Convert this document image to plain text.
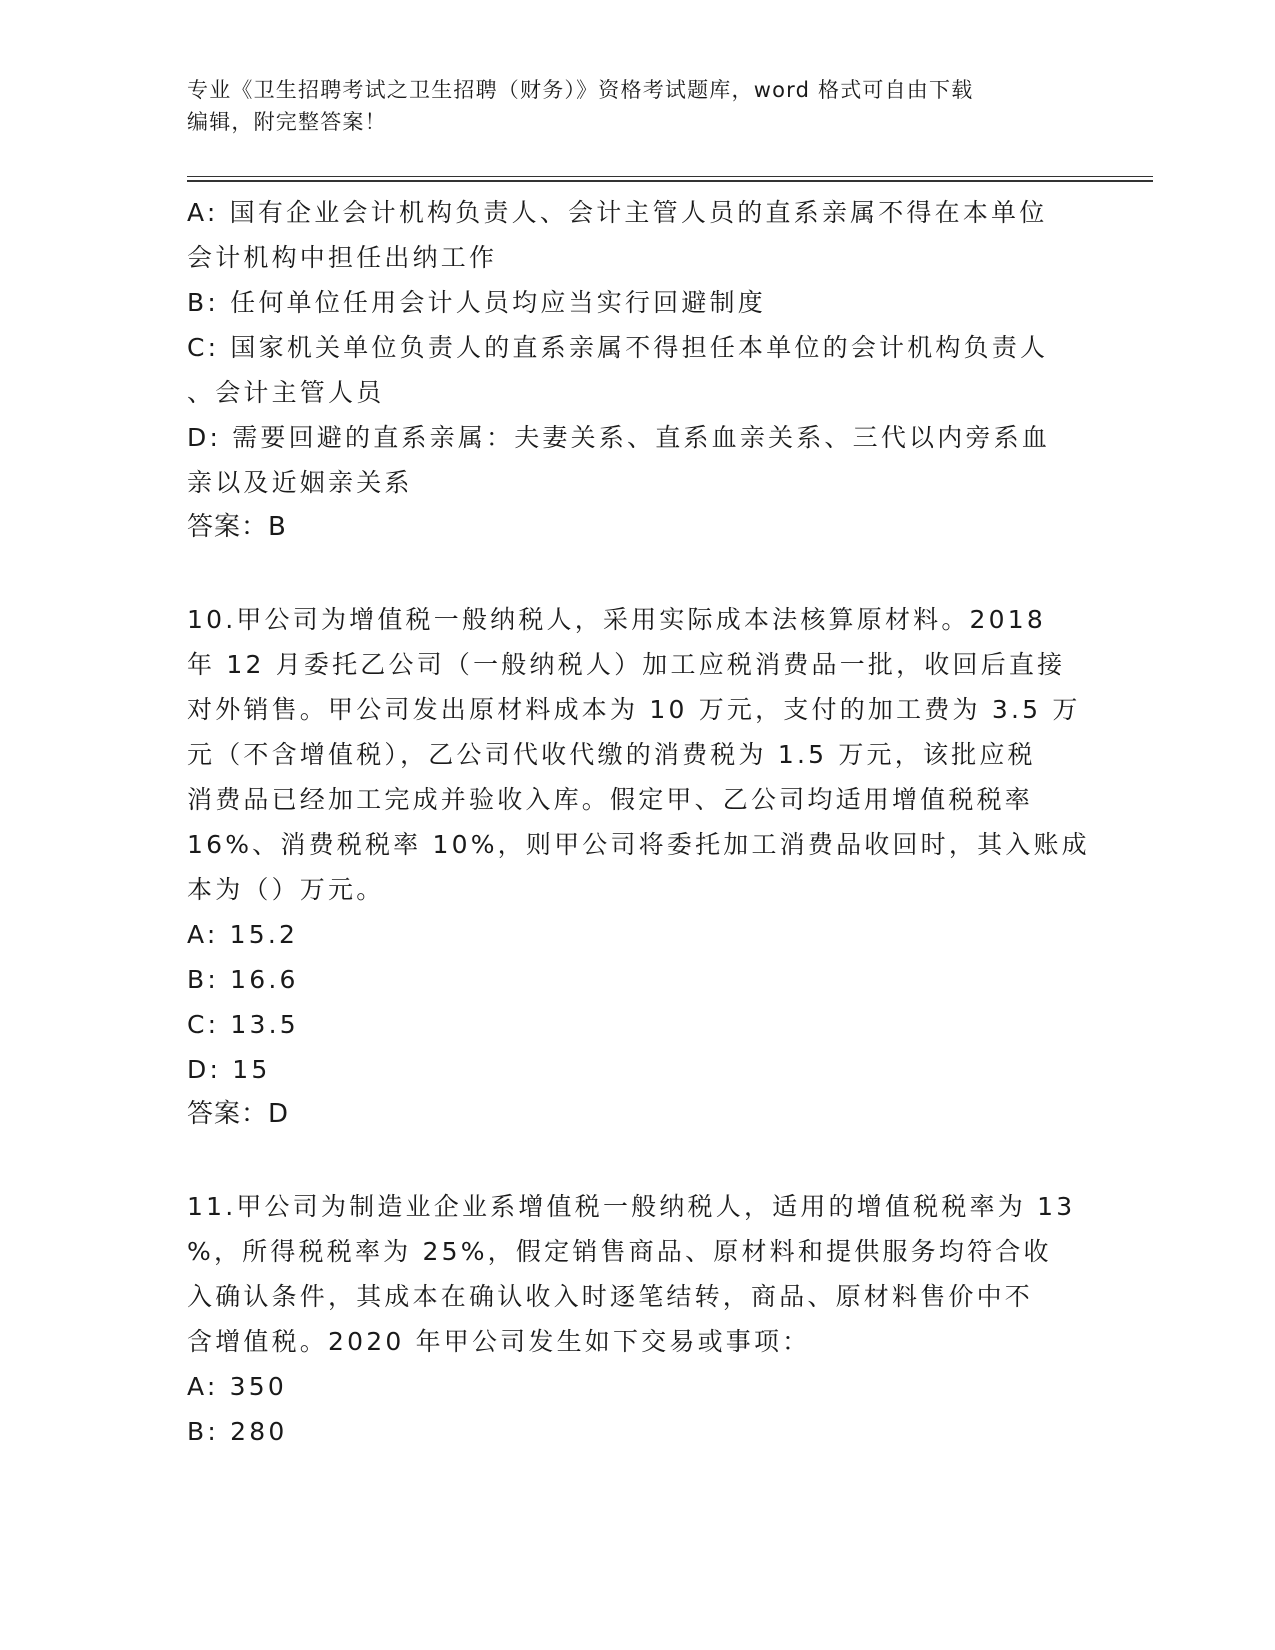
专业《卫生招聘考试之卫生招聘（财务）》资格考试题库，word 格式可自由下载
编辑，附完整答案！
A: 国有企业会计机构负责人、会计主管人员的直系亲属不得在本单位
会计机构中担任出纳工作
B: 任何单位任用会计人员均应当实行回避制度
C: 国家机关单位负责人的直系亲属不得担任本单位的会计机构负责人
、会计主管人员
D: 需要回避的直系亲属：夫妻关系、直系血亲关系、三代以内旁系血
亲以及近姻亲关系
答案：B
10.甲公司为增值税一般纳税人，采用实际成本法核算原材料。2018
年 12 月委托乙公司（一般纳税人）加工应税消费品一批，收回后直接
对外销售。甲公司发出原材料成本为 10 万元，支付的加工费为 3.5 万
元（不含增值税），乙公司代收代缴的消费税为 1.5 万元，该批应税
消费品已经加工完成并验收入库。假定甲、乙公司均适用增值税税率
16%、消费税税率 10%，则甲公司将委托加工消费品收回时，其入账成
本为（）万元。
A: 15.2
B: 16.6
C: 13.5
D: 15
答案：D
11.甲公司为制造业企业系增值税一般纳税人，适用的增值税税率为 13
%，所得税税率为 25%，假定销售商品、原材料和提供服务均符合收
入确认条件，其成本在确认收入时逐笔结转，商品、原材料售价中不
含增值税。2020 年甲公司发生如下交易或事项：
A: 350
B: 280
